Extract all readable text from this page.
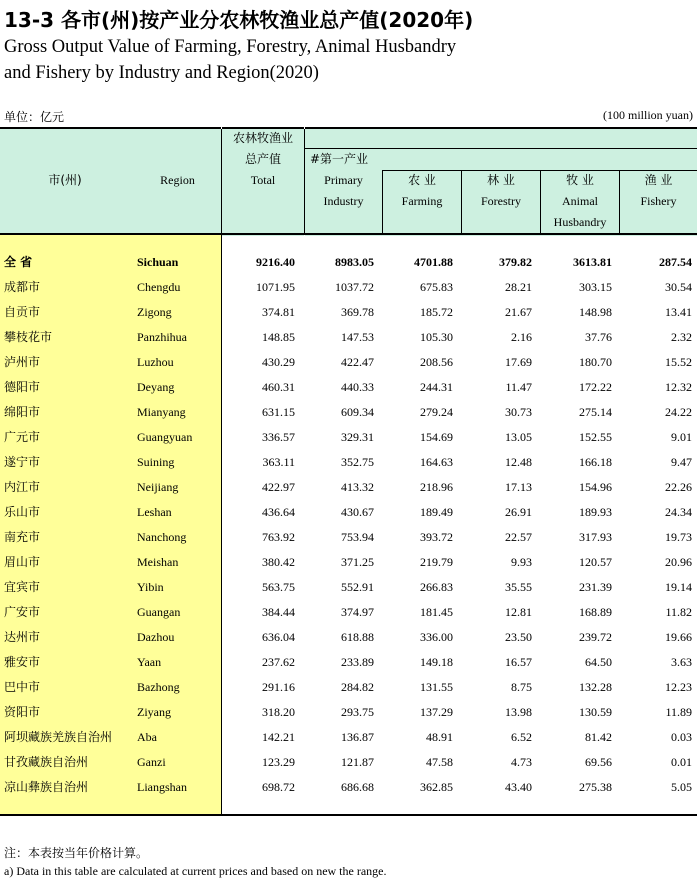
13-3 各市(州)按产业分农林牧渔业总产值(2020年)
Gross Output Value of Farming, Forestry, Animal Husbandry
and Fishery by Industry and Region(2020)
单位：亿元	(100 million yuan)
市(州)	Region
农林牧渔业
总产值
Total
#第一产业
Primary
Industry
农 业
Farming
林 业
Forestry
牧 业
Animal
Husbandry
渔 业
Fishery
全 省	Sichuan	9216.40	8983.05	4701.88	379.82	3613.81	287.54
成都市	Chengdu	1071.95	1037.72	675.83	28.21	303.15	30.54
自贡市	Zigong	374.81	369.78	185.72	21.67	148.98	13.41
攀枝花市	Panzhihua	148.85	147.53	105.30	2.16	37.76	2.32
泸州市	Luzhou	430.29	422.47	208.56	17.69	180.70	15.52
德阳市	Deyang	460.31	440.33	244.31	11.47	172.22	12.32
绵阳市	Mianyang	631.15	609.34	279.24	30.73	275.14	24.22
广元市	Guangyuan	336.57	329.31	154.69	13.05	152.55	9.01
遂宁市	Suining	363.11	352.75	164.63	12.48	166.18	9.47
内江市	Neijiang	422.97	413.32	218.96	17.13	154.96	22.26
乐山市	Leshan	436.64	430.67	189.49	26.91	189.93	24.34
南充市	Nanchong	763.92	753.94	393.72	22.57	317.93	19.73
眉山市	Meishan	380.42	371.25	219.79	9.93	120.57	20.96
宜宾市	Yibin	563.75	552.91	266.83	35.55	231.39	19.14
广安市	Guangan	384.44	374.97	181.45	12.81	168.89	11.82
达州市	Dazhou	636.04	618.88	336.00	23.50	239.72	19.66
雅安市	Yaan	237.62	233.89	149.18	16.57	64.50	3.63
巴中市	Bazhong	291.16	284.82	131.55	8.75	132.28	12.23
资阳市	Ziyang	318.20	293.75	137.29	13.98	130.59	11.89
阿坝藏族羌族自治州 Aba	142.21	136.87	48.91	6.52	81.42	0.03
甘孜藏族自治州	Ganzi	123.29	121.87	47.58	4.73	69.56	0.01
凉山彝族自治州	Liangshan	698.72	686.68	362.85	43.40	275.38	5.05
注：本表按当年价格计算。
a) Data in this table are calculated at current prices and based on new the range.
